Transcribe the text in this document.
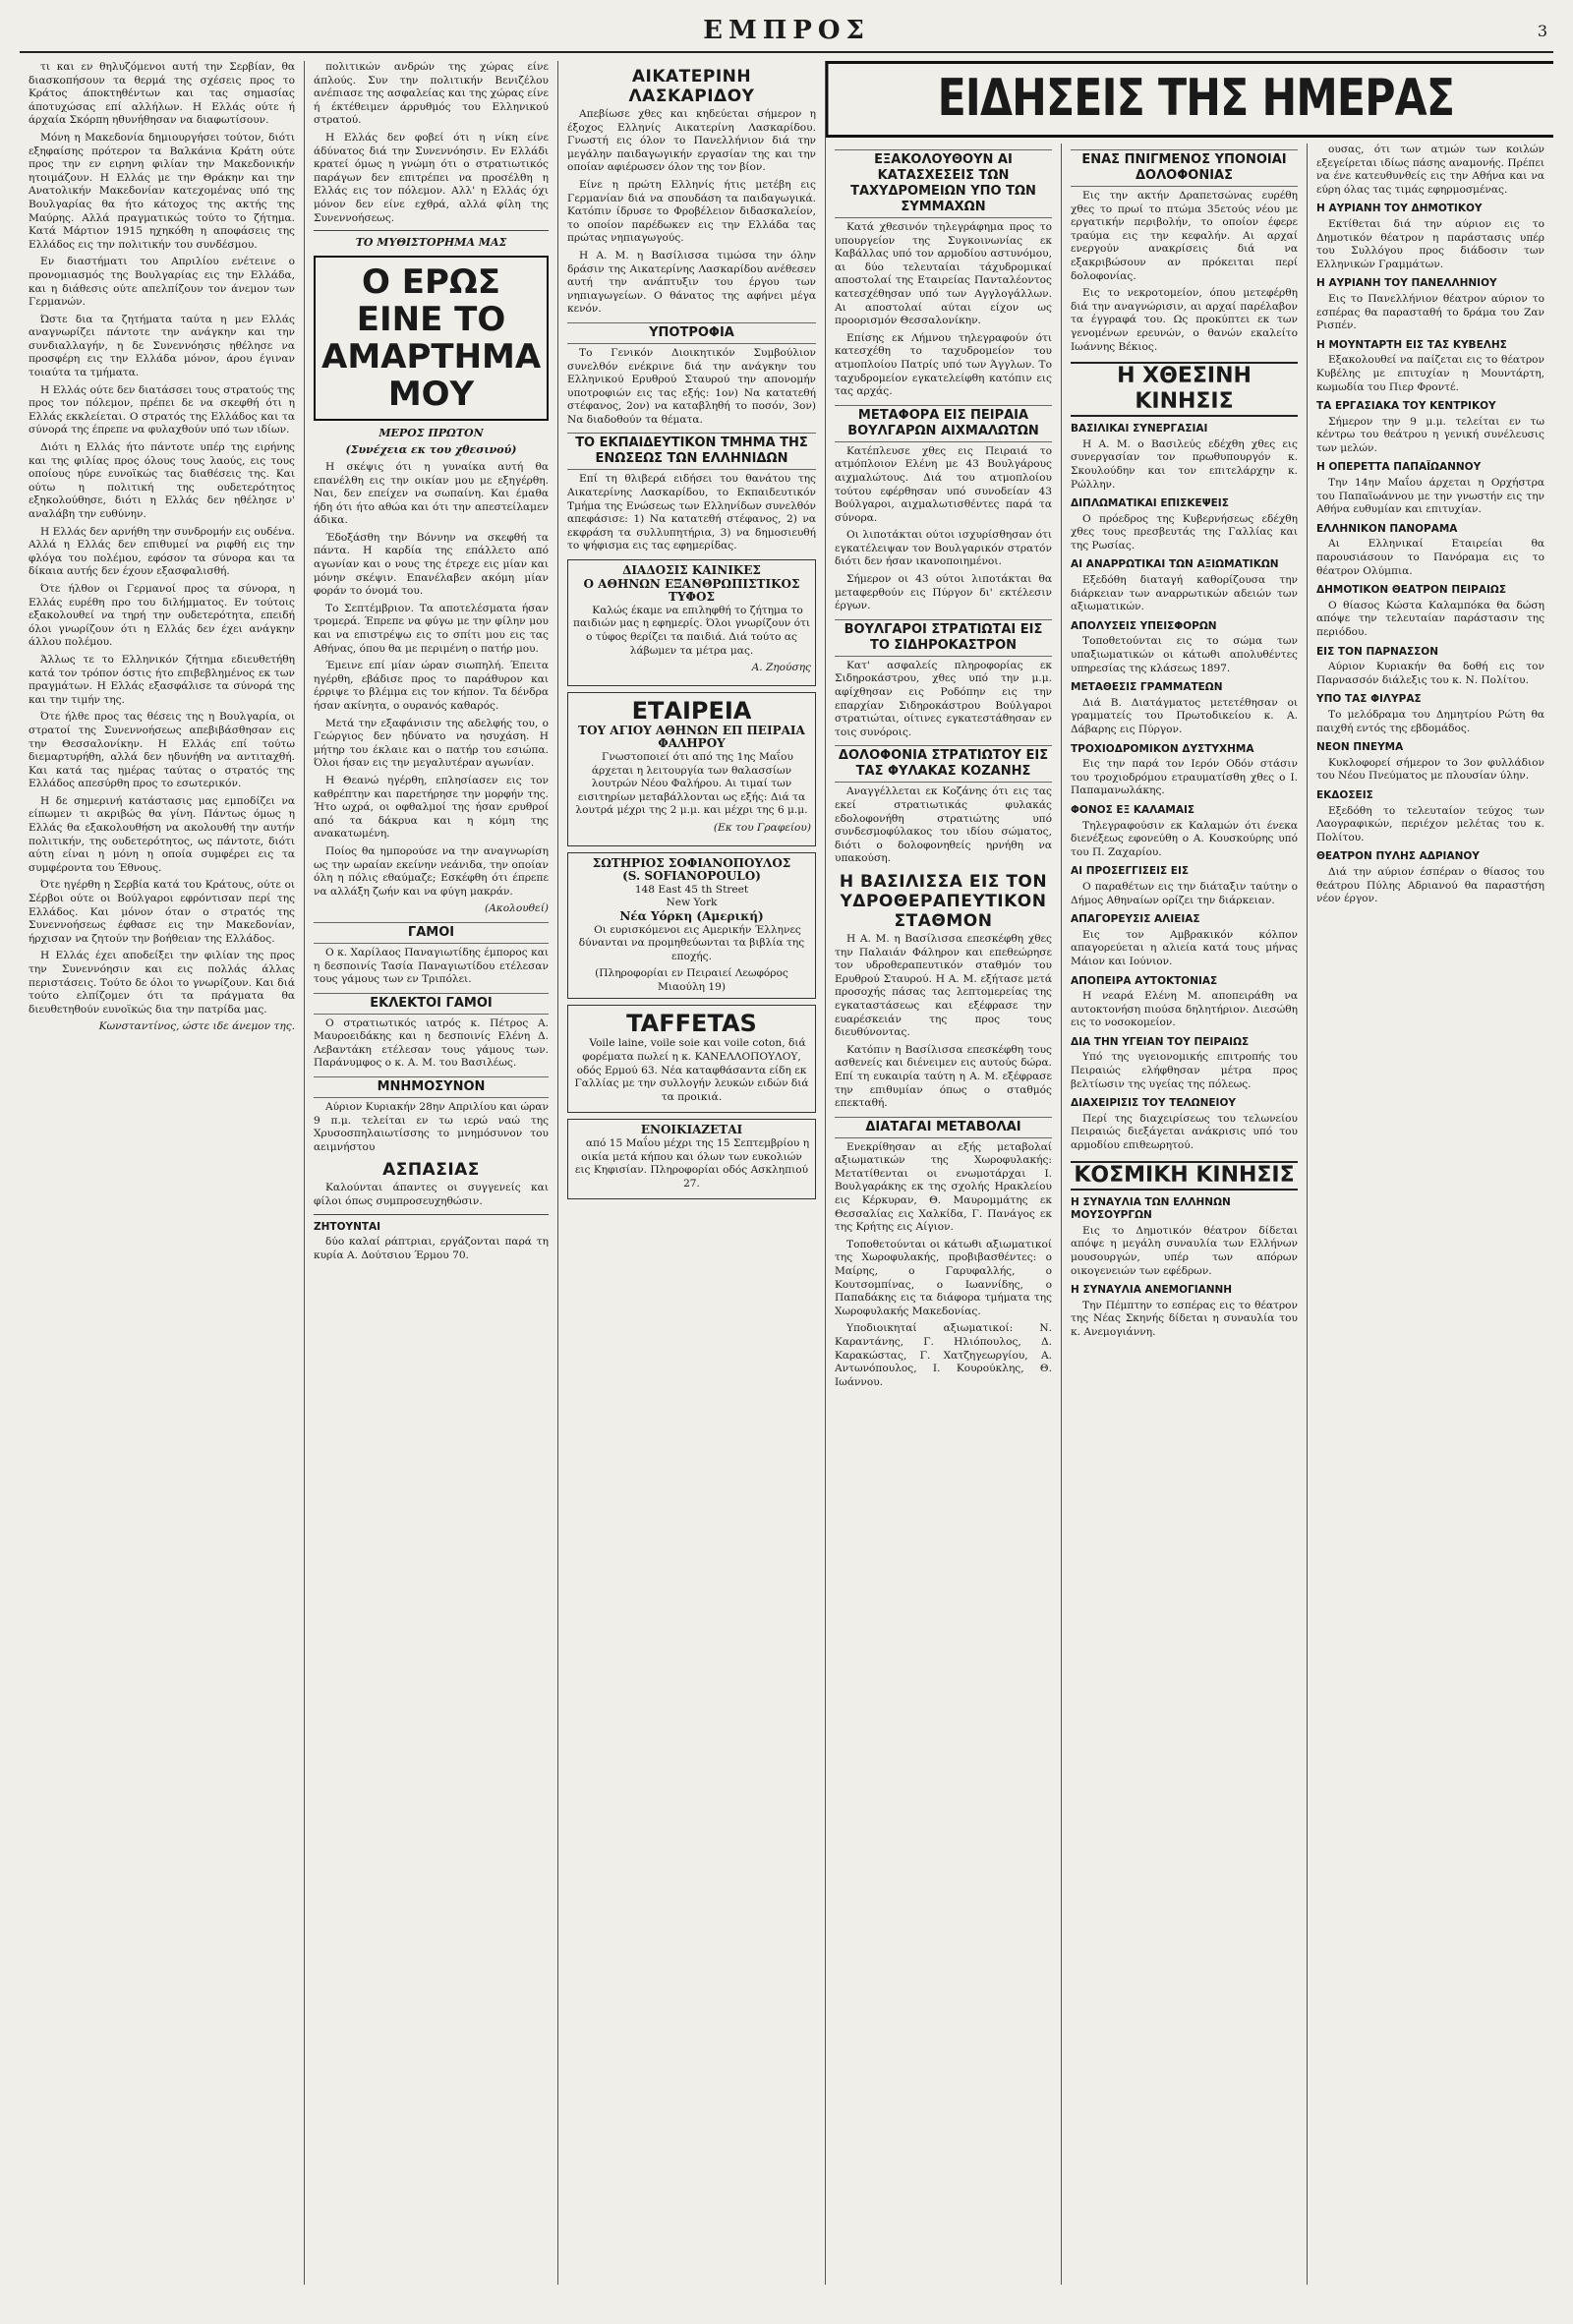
ΕΜΠΡΟΣ	3

τι και εν θηλυζόμενοι αυτή την Σερβίαν, θα διασκοπήσουν τα θερμά της σχέσεις προς το Κράτος άποκτηθέντων και τας σημασίας άποτυχώσας επί αλλήλων. Η Ελλάς ούτε ή άρχαία Σκόρπη ηθυνήθησαν να διαφωτίσουν.

Μόνη η Μακεδονία δημιουργήσει τούτον, διότι εξηφαίσης πρότερον τα Βαλκάνια Κράτη ούτε προς την εν ειρηνη φιλίαν την Μακεδονικήν ητοιμάζουν. Η Ελλάς με την Θράκην και την Ανατολικήν Μακεδονίαν κατεχομένας υπό της Βουλγαρίας θα ήτο κάτοχος της ακτής της Μαύρης. Αλλά πραγματικώς τούτο το ζήτημα. Κατά Μάρτιον 1915 ηχηκόθη η αποφάσεις της Ελλάδος εις την πολιτικήν του συνδέσμου.

Εν διαστήματι του Απριλίου ενέτεινε ο προνομιασμός της Βουλγαρίας εις την Ελλάδα, και η διάθεσις ούτε απελπίζουν τον άνεμον των Γερμανών.

Ώστε δια τα ζητήματα ταύτα η μεν Ελλάς αναγνωρίζει πάντοτε την ανάγκην και την συνδιαλλαγήν, η δε Συνεννόησις ηθέλησε να προσφέρη εις την Ελλάδα μόνον, άρου έγιναν τοιαύτα τα τμήματα.

Η Ελλάς ούτε δεν διατάσσει τους στρατούς της προς τον πόλεμον, πρέπει δε να σκεφθή ότι η Ελλάς εκκλείεται. Ο στρατός της Ελλάδος και τα σύνορά της έπρεπε να φυλαχθούν υπό των ιδίων.

Διότι η Ελλάς ήτο πάντοτε υπέρ της ειρήνης και της φιλίας προς όλους τους λαούς, εις τους οποίους ηύρε ευνοϊκώς τας διαθέσεις της. Και ούτω η πολιτική της ουδετερότητος εξηκολούθησε, διότι η Ελλάς δεν ηθέλησε ν' αναλάβη την ευθύνην.

Η Ελλάς δεν αρνήθη την συνδρομήν εις ουδένα. Αλλά η Ελλάς δεν επιθυμεί να ριφθή εις την φλόγα του πολέμου, εφόσον τα σύνορα και τα δίκαια αυτής δεν έχουν εξασφαλισθή.

Ότε ήλθον οι Γερμανοί προς τα σύνορα, η Ελλάς ευρέθη προ του διλήμματος. Εν τούτοις εξακολουθεί να τηρή την ουδετερότητα, επειδή όλοι γνωρίζουν ότι η Ελλάς δεν έχει ανάγκην άλλου πολέμου.

Άλλως τε το Ελληνικόν ζήτημα εδιευθετήθη κατά τον τρόπον όστις ήτο επιβεβλημένος εκ των πραγμάτων. Η Ελλάς εξασφάλισε τα σύνορά της και την τιμήν της.

Ότε ήλθε προς τας θέσεις της η Βουλγαρία, οι στρατοί της Συνεννοήσεως απεβιβάσθησαν εις την Θεσσαλονίκην. Η Ελλάς επί τούτω διεμαρτυρήθη, αλλά δεν ηδυνήθη να αντιταχθή. Και κατά τας ημέρας ταύτας ο στρατός της Ελλάδος απεσύρθη προς το εσωτερικόν.

Η δε σημερινή κατάστασις μας εμποδίζει να είπωμεν τι ακριβώς θα γίνη. Πάντως όμως η Ελλάς θα εξακολουθήση να ακολουθή την αυτήν πολιτικήν, της ουδετερότητος, ως πάντοτε, διότι αύτη είναι η μόνη η οποία συμφέρει εις τα συμφέροντα του Έθνους.

Ότε ηγέρθη η Σερβία κατά του Κράτους, ούτε οι Σέρβοι ούτε οι Βούλγαροι εφρόντισαν περί της Ελλάδος. Και μόνον όταν ο στρατός της Συνεννοήσεως έφθασε εις την Μακεδονίαν, ήρχισαν να ζητούν την βοήθειαν της Ελλάδος.

Η Ελλάς έχει αποδείξει την φιλίαν της προς την Συνεννόησιν και εις πολλάς άλλας περιστάσεις. Τούτο δε όλοι το γνωρίζουν. Και διά τούτο ελπίζομεν ότι τα πράγματα θα διευθετηθούν ευνοϊκώς δια την πατρίδα μας.

Κωνσταντίνος, ώστε ιδε άνεμον της.

πολιτικών ανδρών της χώρας είνε άπλούς. Συν την πολιτικήν Βενιζέλου ανέπιασε της ασφαλείας και της χώρας είνε ή έκτέθειμεν άρρυθμός του Ελληνικού στρατού.

Η Ελλάς δεν φοβεί ότι η νίκη είνε άδύνατος διά την Συνεννόησιν. Εν Ελλάδι κρατεί όμως η γνώμη ότι ο στρατιωτικός παράγων δεν επιτρέπει να προσέλθη η Ελλάς εις τον πόλεμον. Αλλ' η Ελλάς όχι μόνον δεν είνε εχθρά, αλλά φίλη της Συνεννοήσεως.

ΤΟ ΜΥΘΙΣΤΟΡΗΜΑ ΜΑΣ
Ο ΕΡΩΣ ΕΙΝΕ ΤΟ ΑΜΑΡΤΗΜΑ ΜΟΥ
ΜΕΡΟΣ ΠΡΩΤΟΝ
(Συνέχεια εκ του χθεσινού)

Η σκέψις ότι η γυναίκα αυτή θα επανέλθη εις την οικίαν μου με εξηγέρθη. Ναι, δεν επείχεν να σωπαίνη. Και έμαθα ήδη ότι ήτο αθώα και ότι την απεστείλαμεν άδικα.

Έδοξάσθη την Βόννην να σκεφθή τα πάντα. Η καρδία της επάλλετο από αγωνίαν και ο νους της έτρεχε εις μίαν και μόνην σκέψιν. Επανέλαβεν ακόμη μίαν φοράν το όνομά του.

Το Σεπτέμβριον. Τα αποτελέσματα ήσαν τρομερά. Έπρεπε να φύγω με την φίλην μου και να επιστρέψω εις το σπίτι μου εις τας Αθήνας, όπου θα με περιμένη ο πατήρ μου.

Έμεινε επί μίαν ώραν σιωπηλή. Έπειτα ηγέρθη, εβάδισε προς το παράθυρον και έρριψε το βλέμμα εις τον κήπον. Τα δένδρα ήσαν ακίνητα, ο ουρανός καθαρός.

Μετά την εξαφάνισιν της αδελφής του, ο Γεώργιος δεν ηδύνατο να ησυχάση. Η μήτηρ του έκλαιε και ο πατήρ του εσιώπα. Όλοι ήσαν εις την μεγαλυτέραν αγωνίαν.

Η Θεανώ ηγέρθη, επλησίασεν εις τον καθρέπτην και παρετήρησε την μορφήν της. Ήτο ωχρά, οι οφθαλμοί της ήσαν ερυθροί από τα δάκρυα και η κόμη της ανακατωμένη.

Ποίος θα ημπορούσε να την αναγνωρίση ως την ωραίαν εκείνην νεάνιδα, την οποίαν όλη η πόλις εθαύμαζε; Εσκέφθη ότι έπρεπε να αλλάξη ζωήν και να φύγη μακράν.

(Ακολουθεί)
ΓΑΜΟΙ

Ο κ. Χαρίλαος Παναγιωτίδης έμπορος και η δεσποινίς Τασία Παναγιωτίδου ετέλεσαν τους γάμους των εν Τριπόλει.

ΕΚΛΕΚΤΟΙ ΓΑΜΟΙ

Ο στρατιωτικός ιατρός κ. Πέτρος Α. Μαυροειδάκης και η δεσποινίς Ελένη Δ. Λεβαντάκη ετέλεσαν τους γάμους των. Παράνυμφος ο κ. Α. Μ. του Βασιλέως.

ΜΝΗΜΟΣΥΝΟΝ

Αύριον Κυριακήν 28ην Απριλίου και ώραν 9 π.μ. τελείται εν τω ιερώ ναώ της Χρυσοσπηλαιωτίσσης το μνημόσυνον του αειμνήστου

ΑΣΠΑΣΙΑΣ

Καλούνται άπαντες οι συγγενείς και φίλοι όπως συμπροσευχηθώσιν.

ΖΗΤΟΥΝΤΑΙ

δύο καλαί ράπτριαι, εργάζονται παρά τη κυρία Α. Δούτσιου Έρμου 70.

ΑΙΚΑΤΕΡΙΝΗ ΛΑΣΚΑΡΙΔΟΥ

Απεβίωσε χθες και κηδεύεται σήμερον η έξοχος Ελληνίς Αικατερίνη Λασκαρίδου. Γνωστή εις όλον το Πανελλήνιον διά την μεγάλην παιδαγωγικήν εργασίαν της και την οποίαν αφιέρωσεν όλον της τον βίον.

Είνε η πρώτη Ελληνίς ήτις μετέβη εις Γερμανίαν διά να σπουδάση τα παιδαγωγικά. Κατόπιν ίδρυσε το Φροβέλειον διδασκαλείον, το οποίον παρέδωκεν εις την Ελλάδα τας πρώτας νηπιαγωγούς.

Η Α. Μ. η Βασίλισσα τιμώσα την όλην δράσιν της Αικατερίνης Λασκαρίδου ανέθεσεν αυτή την ανάπτυξιν του έργου των νηπιαγωγείων. Ο θάνατος της αφήνει μέγα κενόν.

ΥΠΟΤΡΟΦΙΑ

Το Γενικόν Διοικητικόν Συμβούλιον συνελθόν ενέκρινε διά την ανάγκην του Ελληνικού Ερυθρού Σταυρού την απονομήν υποτροφιών εις τας εξής: 1ον) Να κατατεθή στέφανος, 2ον) να καταβληθή το ποσόν, 3ον) Να διαδοθούν τα θέματα.

ΤΟ ΕΚΠΑΙΔΕΥΤΙΚΟΝ ΤΜΗΜΑ ΤΗΣ ΕΝΩΣΕΩΣ ΤΩΝ ΕΛΛΗΝΙΔΩΝ

Επί τη θλιβερά ειδήσει του θανάτου της Αικατερίνης Λασκαρίδου, το Εκπαιδευτικόν Τμήμα της Ενώσεως των Ελληνίδων συνελθόν απεφάσισε: 1) Να κατατεθή στέφανος, 2) να εκφράση τα συλλυπητήρια, 3) να δημοσιευθή το ψήφισμα εις τας εφημερίδας.

ΔΙΑΔΟΣΙΣ ΚΑΙΝΙΚΕΣ
Ο ΑΘΗΝΩΝ ΕΞΑΝΘΡΩΠΙΣΤΙΚΟΣ ΤΥΦΟΣ

Καλώς έκαμε να επιληφθή το ζήτημα το παιδιών μας η εφημερίς. Όλοι γνωρίζουν ότι ο τύφος θερίζει τα παιδιά. Διά τούτο ας λάβωμεν τα μέτρα μας.

Α. Ζηούσης
ΕΤΑΙΡΕΙΑ
ΤΟΥ ΑΓΙΟΥ ΑΘΗΝΩΝ ΕΠ ΠΕΙΡΑΙΑ ΦΑΛΗΡΟΥ

Γνωστοποιεί ότι από της 1ης Μαΐου άρχεται η λειτουργία των θαλασσίων λουτρών Νέου Φαλήρου. Αι τιμαί των εισιτηρίων μεταβάλλονται ως εξής: Διά τα λουτρά μέχρι της 2 μ.μ. και μέχρι της 6 μ.μ.

(Εκ του Γραφείου)
ΣΩΤΗΡΙΟΣ ΣΟΦΙΑΝΟΠΟΥΛΟΣ
(S. SOFIANOPOULO)
148 East 45 th Street
New York
Νέα Υόρκη (Αμερική)

Οι ευρισκόμενοι εις Αμερικήν Έλληνες δύνανται να προμηθεύωνται τα βιβλία της εποχής.

(Πληροφορίαι εν Πειραιεί Λεωφόρος Μιαούλη 19)
TAFFETAS

Voile laine, voile soie και voile coton, διά φορέματα πωλεί η κ. ΚΑΝΕΛΛΟΠΟΥΛΟΥ, οδός Ερμού 63. Νέα καταφθάσαντα είδη εκ Γαλλίας με την συλλογήν λευκών ειδών διά τα προικιά.

ΕΝΟΙΚΙΑΖΕΤΑΙ

από 15 Μαΐου μέχρι της 15 Σεπτεμβρίου η οικία μετά κήπου και όλων των ευκολιών εις Κηφισίαν. Πληροφορίαι οδός Ασκληπιού 27.

ΕΙΔΗΣΕΙΣ ΤΗΣ ΗΜΕΡΑΣ
ΕΞΑΚΟΛΟΥΘΟΥΝ ΑΙ ΚΑΤΑΣΧΕΣΕΙΣ ΤΩΝ ΤΑΧΥΔΡΟΜΕΙΩΝ ΥΠΟ ΤΩΝ ΣΥΜΜΑΧΩΝ

Κατά χθεσινόν τηλεγράφημα προς το υπουργείον της Συγκοινωνίας εκ Καβάλλας υπό τον αρμοδίου αστυνόμου, αι δύο τελευταίαι τάχυδρομικαί αποστολαί της Εταιρείας Πανταλέοντος κατεσχέθησαν υπό των Αγγλογάλλων. Αι αποστολαί αύται είχον ως προορισμόν Θεσσαλονίκην.

Επίσης εκ Λήμνου τηλεγραφούν ότι κατεσχέθη το ταχυδρομείον του ατμοπλοίου Πατρίς υπό των Άγγλων. Το ταχυδρομείον εγκατελείφθη κατόπιν εις τας αρχάς.

ΜΕΤΑΦΟΡΑ ΕΙΣ ΠΕΙΡΑΙΑ ΒΟΥΛΓΑΡΩΝ ΑΙΧΜΑΛΩΤΩΝ

Κατέπλευσε χθες εις Πειραιά το ατμόπλοιον Ελένη με 43 Βουλγάρους αιχμαλώτους. Διά του ατμοπλοίου τούτου εφέρθησαν υπό συνοδείαν 43 Βούλγαροι, αιχμαλωτισθέντες παρά τα σύνορα.

Οι λιποτάκται ούτοι ισχυρίσθησαν ότι εγκατέλειψαν τον Βουλγαρικόν στρατόν διότι δεν ήσαν ικανοποιημένοι.

Σήμερον οι 43 ούτοι λιποτάκται θα μεταφερθούν εις Πύργον δι' εκτέλεσιν έργων.

ΒΟΥΛΓΑΡΟΙ ΣΤΡΑΤΙΩΤΑΙ ΕΙΣ ΤΟ ΣΙΔΗΡΟΚΑΣΤΡΟΝ

Κατ' ασφαλείς πληροφορίας εκ Σιδηροκάστρου, χθες υπό την μ.μ. αφίχθησαν εις Ροδόπην εις την επαρχίαν Σιδηροκάστρου Βούλγαροι στρατιώται, οίτινες εγκατεστάθησαν εν τοις συνόροις.

ΔΟΛΟΦΟΝΙΑ ΣΤΡΑΤΙΩΤΟΥ ΕΙΣ ΤΑΣ ΦΥΛΑΚΑΣ ΚΟΖΑΝΗΣ

Αναγγέλλεται εκ Κοζάνης ότι εις τας εκεί στρατιωτικάς φυλακάς εδολοφονήθη στρατιώτης υπό συνδεσμοφύλακος του ιδίου σώματος, διότι ο δολοφονηθείς ηρνήθη να υπακούση.

Η ΒΑΣΙΛΙΣΣΑ ΕΙΣ ΤΟΝ ΥΔΡΟΘΕΡΑΠΕΥΤΙΚΟΝ ΣΤΑΘΜΟΝ

Η Α. Μ. η Βασίλισσα επεσκέφθη χθες την Παλαιάν Φάληρον και επεθεώρησε τον υδροθεραπευτικόν σταθμόν του Ερυθρού Σταυρού. Η Α. Μ. εξήτασε μετά προσοχής πάσας τας λεπτομερείας της εγκαταστάσεως και εξέφρασε την ευαρέσκειάν της προς τους διευθύνοντας.

Κατόπιν η Βασίλισσα επεσκέφθη τους ασθενείς και διένειμεν εις αυτούς δώρα. Επί τη ευκαιρία ταύτη η Α. Μ. εξέφρασε την επιθυμίαν όπως ο σταθμός επεκταθή.

ΔΙΑΤΑΓΑΙ ΜΕΤΑΒΟΛΑΙ

Ενεκρίθησαν αι εξής μεταβολαί αξιωματικών της Χωροφυλακής: Μετατίθενται οι ενωμοτάρχαι Ι. Βουλγαράκης εκ της σχολής Ηρακλείου εις Κέρκυραν, Θ. Μαυρομμάτης εκ Θεσσαλίας εις Χαλκίδα, Γ. Πανάγος εκ της Κρήτης εις Αίγιον.

Τοποθετούνται οι κάτωθι αξιωματικοί της Χωροφυλακής, προβιβασθέντες: ο Μαίρης, ο Γαρυφαλλής, ο Κουτσομπίνας, ο Ιωαννίδης, ο Παπαδάκης εις τα διάφορα τμήματα της Χωροφυλακής Μακεδονίας.

Υποδιοικηταί αξιωματικοί: Ν. Καραντάνης, Γ. Ηλιόπουλος, Δ. Καρακώστας, Γ. Χατζηγεωργίου, Α. Αντωνόπουλος, Ι. Κουρούκλης, Θ. Ιωάννου.

ΕΝΑΣ ΠΝΙΓΜΕΝΟΣ ΥΠΟΝΟΙΑΙ ΔΟΛΟΦΟΝΙΑΣ

Εις την ακτήν Δραπετσώνας ευρέθη χθες το πρωί το πτώμα 35ετούς νέου με εργατικήν περιβολήν, το οποίον έφερε τραύμα εις την κεφαλήν. Αι αρχαί ενεργούν ανακρίσεις διά να εξακριβώσουν αν πρόκειται περί δολοφονίας.

Εις το νεκροτομείον, όπου μετεφέρθη διά την αναγνώρισιν, αι αρχαί παρέλαβον τα έγγραφά του. Ως προκύπτει εκ των γενομένων ερευνών, ο θανών εκαλείτο Ιωάννης Βέκιος.

Η ΧΘΕΣΙΝΗ ΚΙΝΗΣΙΣ
ΒΑΣΙΛΙΚΑΙ ΣΥΝΕΡΓΑΣΙΑΙ

Η Α. Μ. ο Βασιλεύς εδέχθη χθες εις συνεργασίαν τον πρωθυπουργόν κ. Σκουλούδην και τον επιτελάρχην κ. Ρώλλην.

ΔΙΠΛΩΜΑΤΙΚΑΙ ΕΠΙΣΚΕΨΕΙΣ

Ο πρόεδρος της Κυβερνήσεως εδέχθη χθες τους πρεσβευτάς της Γαλλίας και της Ρωσίας.

ΑΙ ΑΝΑΡΡΩΤΙΚΑΙ ΤΩΝ ΑΞΙΩΜΑΤΙΚΩΝ

Εξεδόθη διαταγή καθορίζουσα την διάρκειαν των αναρρωτικών αδειών των αξιωματικών.

ΑΠΟΛΥΣΕΙΣ ΥΠΕΙΣΦΟΡΩΝ

Τοποθετούνται εις το σώμα των υπαξιωματικών οι κάτωθι απολυθέντες υπηρεσίας της κλάσεως 1897.

ΜΕΤΑΘΕΣΙΣ ΓΡΑΜΜΑΤΕΩΝ

Διά Β. Διατάγματος μετετέθησαν οι γραμματείς του Πρωτοδικείου κ. Α. Δάβαρης εις Πύργον.

ΤΡΟΧΙΟΔΡΟΜΙΚΟΝ ΔΥΣΤΥΧΗΜΑ

Εις την παρά τον Ιερόν Οδόν στάσιν του τροχιοδρόμου ετραυματίσθη χθες ο Ι. Παπαμανωλάκης.

ΦΟΝΟΣ ΕΞ ΚΑΛΑΜΑΙΣ

Τηλεγραφούσιν εκ Καλαμών ότι ένεκα διενέξεως εφονεύθη ο Α. Κουσκούρης υπό του Π. Ζαχαρίου.

ΑΙ ΠΡΟΣΕΓΓΙΣΕΙΣ ΕΙΣ

Ο παραθέτων εις την διάταξιν ταύτην ο Δήμος Αθηναίων ορίζει την διάρκειαν.

ΑΠΑΓΟΡΕΥΣΙΣ ΑΛΙΕΙΑΣ

Εις τον Αμβρακικόν κόλπον απαγορεύεται η αλιεία κατά τους μήνας Μάιον και Ιούνιον.

ΑΠΟΠΕΙΡΑ ΑΥΤΟΚΤΟΝΙΑΣ

Η νεαρά Ελένη Μ. αποπειράθη να αυτοκτονήση πιούσα δηλητήριον. Διεσώθη εις το νοσοκομείον.

ΔΙΑ ΤΗΝ ΥΓΕΙΑΝ ΤΟΥ ΠΕΙΡΑΙΩΣ

Υπό της υγειονομικής επιτροπής του Πειραιώς ελήφθησαν μέτρα προς βελτίωσιν της υγείας της πόλεως.

ΔΙΑΧΕΙΡΙΣΙΣ ΤΟΥ ΤΕΛΩΝΕΙΟΥ

Περί της διαχειρίσεως του τελωνείου Πειραιώς διεξάγεται ανάκρισις υπό του αρμοδίου επιθεωρητού.

ΚΟΣΜΙΚΗ ΚΙΝΗΣΙΣ
Η ΣΥΝΑΥΛΙΑ ΤΩΝ ΕΛΛΗΝΩΝ ΜΟΥΣΟΥΡΓΩΝ

Εις το Δημοτικόν θέατρον δίδεται απόψε η μεγάλη συναυλία των Ελλήνων μουσουργών, υπέρ των απόρων οικογενειών των εφέδρων.

Η ΣΥΝΑΥΛΙΑ ΑΝΕΜΟΓΙΑΝΝΗ

Την Πέμπτην το εσπέρας εις το θέατρον της Νέας Σκηνής δίδεται η συναυλία του κ. Ανεμογιάννη.

ουσας, ότι των ατμών των κοιλών εξεγείρεται ιδίως πάσης αναμονής. Πρέπει να ένε κατευθυνθείς εις την Αθήνα και να εύρη όλας τας τιμάς εφηρμοσμένας.

Η ΑΥΡΙΑΝΗ ΤΟΥ ΔΗΜΟΤΙΚΟΥ

Εκτίθεται διά την αύριον εις το Δημοτικόν θέατρον η παράστασις υπέρ του Συλλόγου προς διάδοσιν των Ελληνικών Γραμμάτων.

Η ΑΥΡΙΑΝΗ ΤΟΥ ΠΑΝΕΛΛΗΝΙΟΥ

Εις το Πανελλήνιον θέατρον αύριον το εσπέρας θα παρασταθή το δράμα του Ζαν Ρισπέν.

Η ΜΟΥΝΤΑΡΤΗ ΕΙΣ ΤΑΣ ΚΥΒΕΛΗΣ

Εξακολουθεί να παίζεται εις το θέατρον Κυβέλης με επιτυχίαν η Μουντάρτη, κωμωδία του Πιερ Φροντέ.

ΤΑ ΕΡΓΑΣΙΑΚΑ ΤΟΥ ΚΕΝΤΡΙΚΟΥ

Σήμερον την 9 μ.μ. τελείται εν τω κέντρω του θεάτρου η γενική συνέλευσις των μελών.

Η ΟΠΕΡΕΤΤΑ ΠΑΠΑΪΩΑΝΝΟΥ

Την 14ην Μαΐου άρχεται η Ορχήστρα του Παπαϊωάννου με την γνωστήν εις την Αθήνα ευθυμίαν και επιτυχίαν.

ΕΛΛΗΝΙΚΟΝ ΠΑΝΟΡΑΜΑ

Αι Ελληνικαί Εταιρείαι θα παρουσιάσουν το Πανόραμα εις το θέατρον Ολύμπια.

ΔΗΜΟΤΙΚΟΝ ΘΕΑΤΡΟΝ ΠΕΙΡΑΙΩΣ

Ο θίασος Κώστα Καλαμπόκα θα δώση απόψε την τελευταίαν παράστασιν της περιόδου.

ΕΙΣ ΤΟΝ ΠΑΡΝΑΣΣΟΝ

Αύριον Κυριακήν θα δοθή εις τον Παρνασσόν διάλεξις του κ. Ν. Πολίτου.

ΥΠΟ ΤΑΣ ΦΙΛΥΡΑΣ

Το μελόδραμα του Δημητρίου Ρώτη θα παιχθή εντός της εβδομάδος.

ΝΕΟΝ ΠΝΕΥΜΑ

Κυκλοφορεί σήμερον το 3ον φυλλάδιον του Νέου Πνεύματος με πλουσίαν ύλην.

ΕΚΔΟΣΕΙΣ

Εξεδόθη το τελευταίον τεύχος των Λαογραφικών, περιέχον μελέτας του κ. Πολίτου.

ΘΕΑΤΡΟΝ ΠΥΛΗΣ ΑΔΡΙΑΝΟΥ

Διά την αύριον έσπέραν ο θίασος του θεάτρου Πύλης Αδριανού θα παραστήση νέον έργον.
